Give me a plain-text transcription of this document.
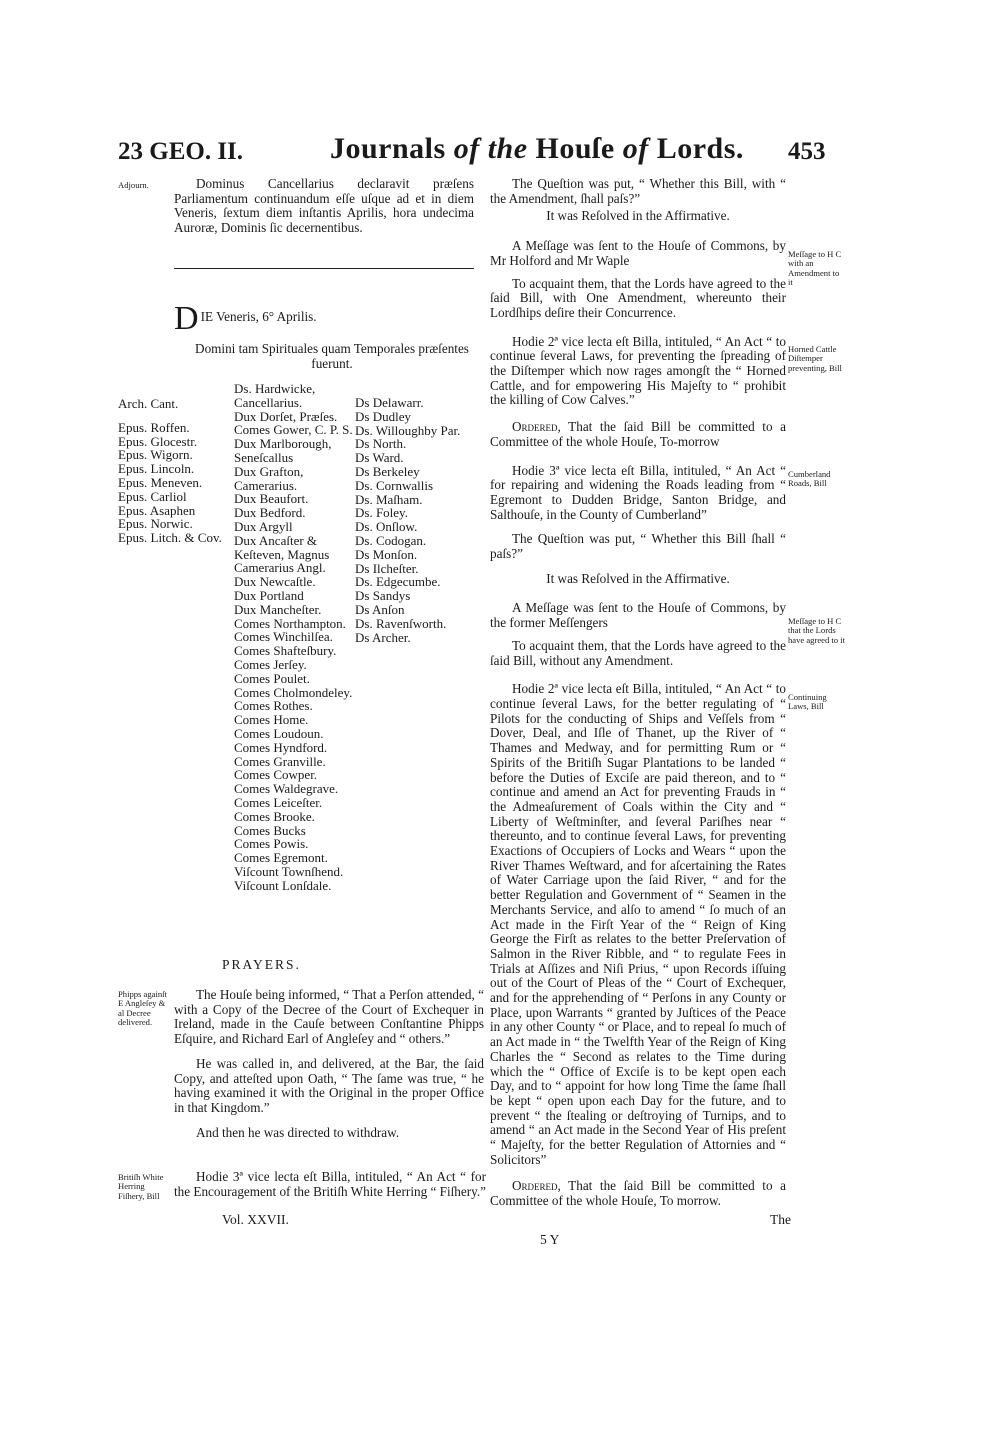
23 GEO. II.	Journals of the Houſe of Lords. 453
Adjourn.	Dominus Cancellarius declaravit præſens Parliamentum continuandum eſſe uſque ad et in diem Veneris, ſextum diem inſtantis Aprilis, hora undecima Auroræ, Dominis ſic decernentibus.

D IE Veneris, 6° Aprilis.

Domini tam Spirituales quam Temporales præſentes fuerunt.

Arch. Cant.
Epus. Roffen.
Epus. Glocestr.
Epus. Wigorn.
Epus. Lincoln.
Epus. Meneven.
Epus. Carliol
Epus. Asaphen
Epus. Norwic.
Epus. Litch. & Cov.
Ds. Hardwicke, Cancellarius.
Dux Dorſet, Præſes.
Comes Gower, C. P. S.
Dux Marlborough, Seneſcallus
Dux Grafton, Camerarius.
Dux Beaufort.
Dux Bedford.
Dux Argyll
Dux Ancaſter & Keſteven, Magnus Camerarius Angl.
Dux Newcaſtle.
Dux Portland
Dux Mancheſter.
Comes Northampton.
Comes Winchilſea.
Comes Shafteſbury.
Comes Jerſey.
Comes Poulet.
Comes Cholmondeley.
Comes Rothes.
Comes Home.
Comes Loudoun.
Comes Hyndford.
Comes Granville.
Comes Cowper.
Comes Waldegrave.
Comes Leiceſter.
Comes Brooke.
Comes Bucks
Comes Powis.
Comes Egremont.
Viſcount Townſhend.
Viſcount Lonſdale.
Ds Delawarr.
Ds Dudley
Ds. Willoughby Par.
Ds North.
Ds Ward.
Ds Berkeley
Ds. Cornwallis
Ds. Maſham.
Ds. Foley.
Ds. Onſlow.
Ds. Codogan.
Ds Monſon.
Ds Ilcheſter.
Ds. Edgecumbe.
Ds Sandys
Ds Anſon
Ds. Ravenſworth.
Ds Archer.
PRAYERS.
Phipps againſt E Angleſey & al Decree delivered.

The Houſe being informed, “ That a Perſon attended, “ with a Copy of the Decree of the Court of Exchequer in Ireland, made in the Cauſe between Conſtantine Phipps Eſquire, and Richard Earl of Angleſey and “ others.”

He was called in, and delivered, at the Bar, the ſaid Copy, and atteſted upon Oath, “ The ſame was true, “ he having examined it with the Original in the proper Office in that Kingdom.”

And then he was directed to withdraw.

Britiſh White Herring Fiſhery, Bill

Hodie 3ª vice lecta eſt Billa, intituled, “ An Act “ for the Encouragement of the Britiſh White Herring “ Fiſhery.”

Vol. XXVII.

The Queſtion was put, “ Whether this Bill, with “ the Amendment, ſhall paſs?”

It was Reſolved in the Affirmative.

A Meſſage was ſent to the Houſe of Commons, by Mr Holford and Mr Waple

To acquaint them, that the Lords have agreed to the ſaid Bill, with One Amendment, whereunto their Lordſhips deſire their Concurrence.

Hodie 2ª vice lecta eſt Billa, intituled, “ An Act “ to continue ſeveral Laws, for preventing the ſpreading of the Diſtemper which now rages amongſt the “ Horned Cattle, and for empowering His Majeſty to “ prohibit the killing of Cow Calves.”

Ordered, That the ſaid Bill be committed to a Committee of the whole Houſe, To-morrow

Hodie 3ª vice lecta eſt Billa, intituled, “ An Act “ for repairing and widening the Roads leading from “ Egremont to Dudden Bridge, Santon Bridge, and Salthouſe, in the County of Cumberland”

The Queſtion was put, “ Whether this Bill ſhall “ paſs?”

It was Reſolved in the Affirmative.

A Meſſage was ſent to the Houſe of Commons, by the former Meſſengers

To acquaint them, that the Lords have agreed to the ſaid Bill, without any Amendment.

Hodie 2ª vice lecta eſt Billa, intituled, “ An Act “ to continue ſeveral Laws, for the better regulating of “ Pilots for the conducting of Ships and Veſſels from “ Dover, Deal, and Iſle of Thanet, up the River of “ Thames and Medway, and for permitting Rum or “ Spirits of the Britiſh Sugar Plantations to be landed “ before the Duties of Exciſe are paid thereon, and to “ continue and amend an Act for preventing Frauds in “ the Admeaſurement of Coals within the City and “ Liberty of Weſtminſter, and ſeveral Pariſhes near “ thereunto, and to continue ſeveral Laws, for preventing Exactions of Occupiers of Locks and Wears “ upon the River Thames Weſtward, and for aſcertaining the Rates of Water Carriage upon the ſaid River, “ and for the better Regulation and Government of “ Seamen in the Merchants Service, and alſo to amend “ ſo much of an Act made in the Firſt Year of the “ Reign of King George the Firſt as relates to the better Preſervation of Salmon in the River Ribble, and “ to regulate Fees in Trials at Aſſizes and Niſi Prius, “ upon Records iſſuing out of the Court of Pleas of the “ Court of Exchequer, and for the apprehending of “ Perſons in any County or Place, upon Warrants “ granted by Juſtices of the Peace in any other County “ or Place, and to repeal ſo much of an Act made in “ the Twelfth Year of the Reign of King Charles the “ Second as relates to the Time during which the “ Office of Exciſe is to be kept open each Day, and to “ appoint for how long Time the ſame ſhall be kept “ open upon each Day for the future, and to prevent “ the ſtealing or deſtroying of Turnips, and to amend “ an Act made in the Second Year of His preſent “ Majeſty, for the better Regulation of Attornies and “ Solicitors”

Ordered, That the ſaid Bill be committed to a Committee of the whole Houſe, To morrow.

Meſſage to H C with an Amendment to it
Horned Cattle Diſtemper preventing, Bill
Cumberland Roads, Bill
Meſſage to H C that the Lords have agreed to it
Continuing Laws, Bill
5 Y
The
